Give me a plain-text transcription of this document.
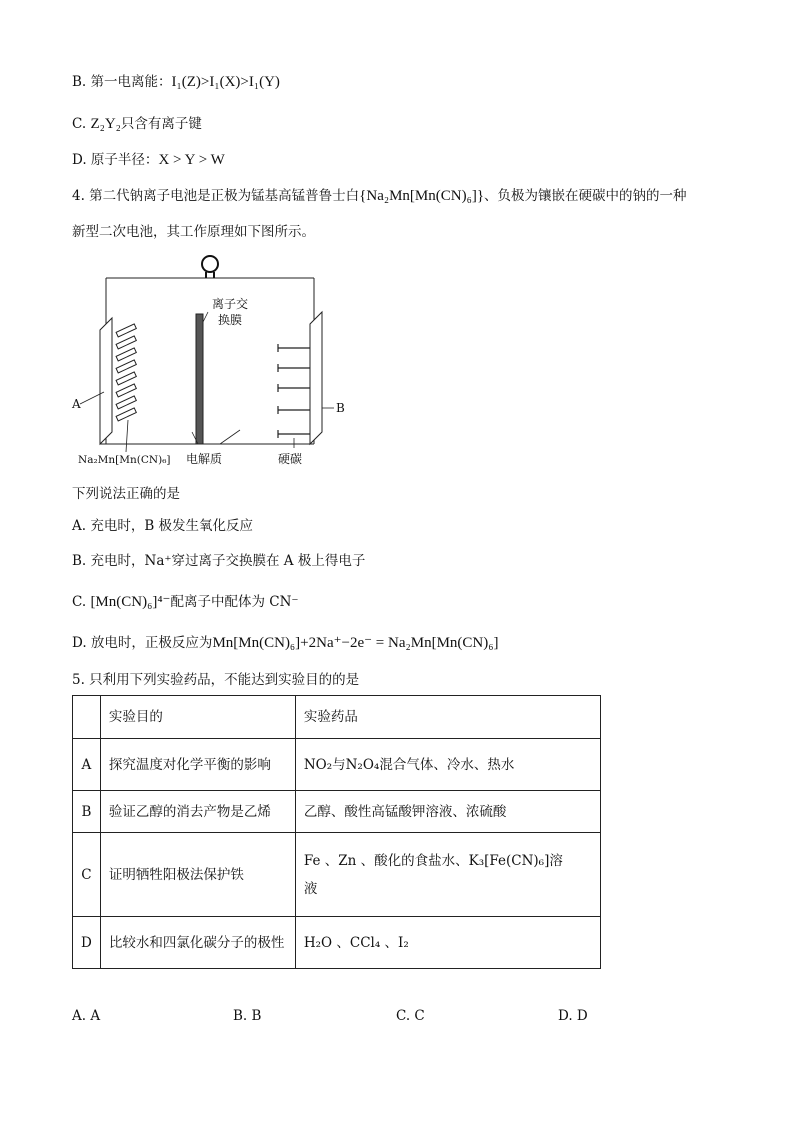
B. 第一电离能：I₁(Z)>I₁(X)>I₁(Y)
C. Z₂Y₂只含有离子键
D. 原子半径：X > Y > W
4. 第二代钠离子电池是正极为锰基高锰普鲁士白{Na₂Mn[Mn(CN)₆]}、负极为镶嵌在硬碳中的钠的一种
新型二次电池，其工作原理如下图所示。
离子交
换膜
A	B
Na₂Mn[Mn(CN)₆] 电解质	硬碳
下列说法正确的是
A. 充电时，B 极发生氧化反应
B. 充电时，Na⁺穿过离子交换膜在 A 极上得电子
C. [Mn(CN)₆]⁴⁻配离子中配体为 CN⁻
D. 放电时，正极反应为Mn[Mn(CN)₆]+2Na⁺−2e⁻ = Na₂Mn[Mn(CN)₆]
5. 只利用下列实验药品，不能达到实验目的的是
	实验目的	实验药品
A	探究温度对化学平衡的影响	NO₂与N₂O₄混合气体、冷水、热水
B	验证乙醇的消去产物是乙烯	乙醇、酸性高锰酸钾溶液、浓硫酸
C	证明牺牲阳极法保护铁	Fe 、Zn 、酸化的食盐水、K₃[Fe(CN)₆]溶
液

D	比较水和四氯化碳分子的极性	H₂O 、CCl₄ 、I₂
A. A	B. B	C. C	D. D
